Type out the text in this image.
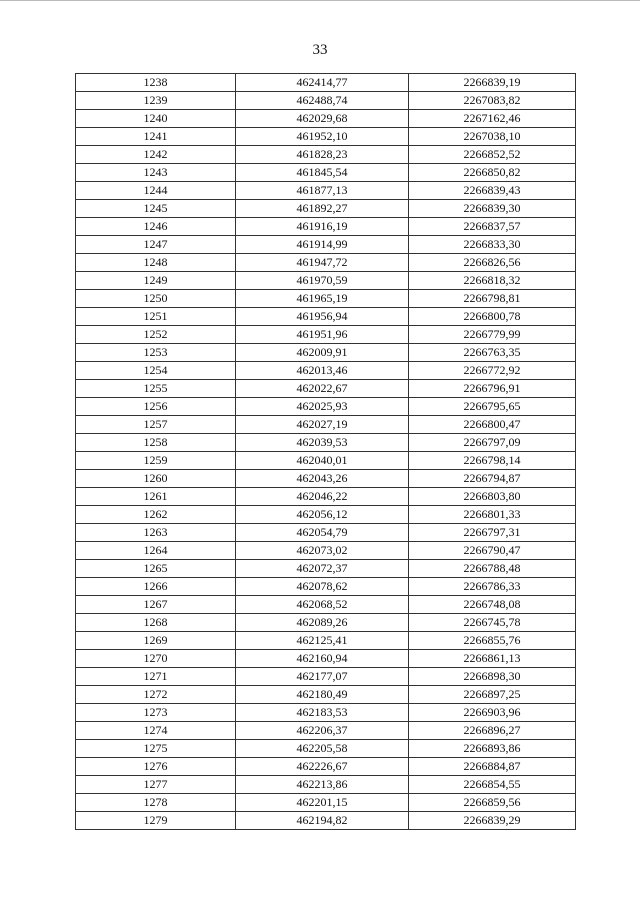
33
1238	462414,77	2266839,19
1239	462488,74	2267083,82
1240	462029,68	2267162,46
1241	461952,10	2267038,10
1242	461828,23	2266852,52
1243	461845,54	2266850,82
1244	461877,13	2266839,43
1245	461892,27	2266839,30
1246	461916,19	2266837,57
1247	461914,99	2266833,30
1248	461947,72	2266826,56
1249	461970,59	2266818,32
1250	461965,19	2266798,81
1251	461956,94	2266800,78
1252	461951,96	2266779,99
1253	462009,91	2266763,35
1254	462013,46	2266772,92
1255	462022,67	2266796,91
1256	462025,93	2266795,65
1257	462027,19	2266800,47
1258	462039,53	2266797,09
1259	462040,01	2266798,14
1260	462043,26	2266794,87
1261	462046,22	2266803,80
1262	462056,12	2266801,33
1263	462054,79	2266797,31
1264	462073,02	2266790,47
1265	462072,37	2266788,48
1266	462078,62	2266786,33
1267	462068,52	2266748,08
1268	462089,26	2266745,78
1269	462125,41	2266855,76
1270	462160,94	2266861,13
1271	462177,07	2266898,30
1272	462180,49	2266897,25
1273	462183,53	2266903,96
1274	462206,37	2266896,27
1275	462205,58	2266893,86
1276	462226,67	2266884,87
1277	462213,86	2266854,55
1278	462201,15	2266859,56
1279	462194,82	2266839,29
